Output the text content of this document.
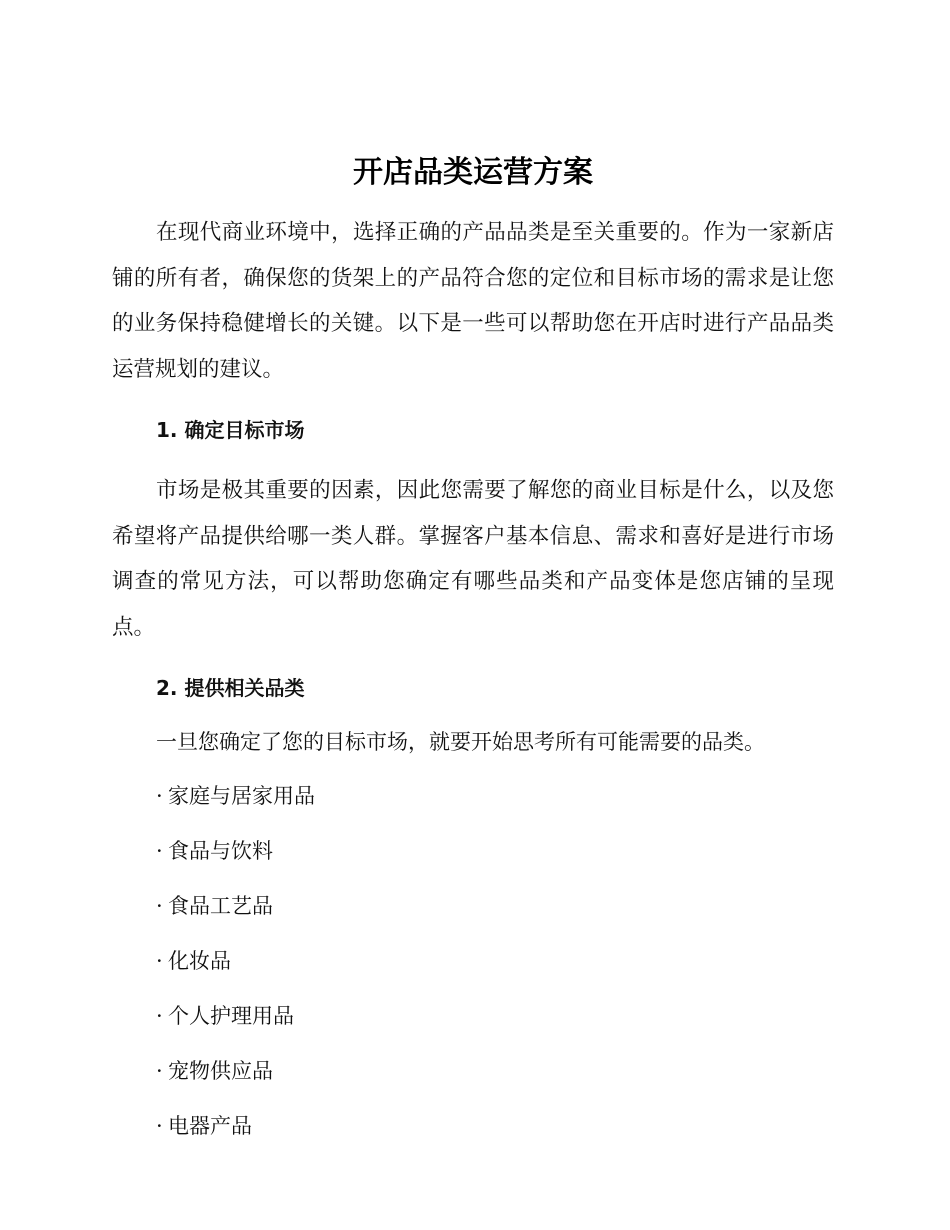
开店品类运营方案

在现代商业环境中，选择正确的产品品类是至关重要的。作为一家新店铺的所有者，确保您的货架上的产品符合您的定位和目标市场的需求是让您的业务保持稳健增长的关键。以下是一些可以帮助您在开店时进行产品品类运营规划的建议。

1. 确定目标市场

市场是极其重要的因素，因此您需要了解您的商业目标是什么，以及您希望将产品提供给哪一类人群。掌握客户基本信息、需求和喜好是进行市场调查的常见方法，可以帮助您确定有哪些品类和产品变体是您店铺的呈现点。

2. 提供相关品类
一旦您确定了您的目标市场，就要开始思考所有可能需要的品类。
· 家庭与居家用品
· 食品与饮料
· 食品工艺品
· 化妆品
· 个人护理用品
· 宠物供应品
· 电器产品
